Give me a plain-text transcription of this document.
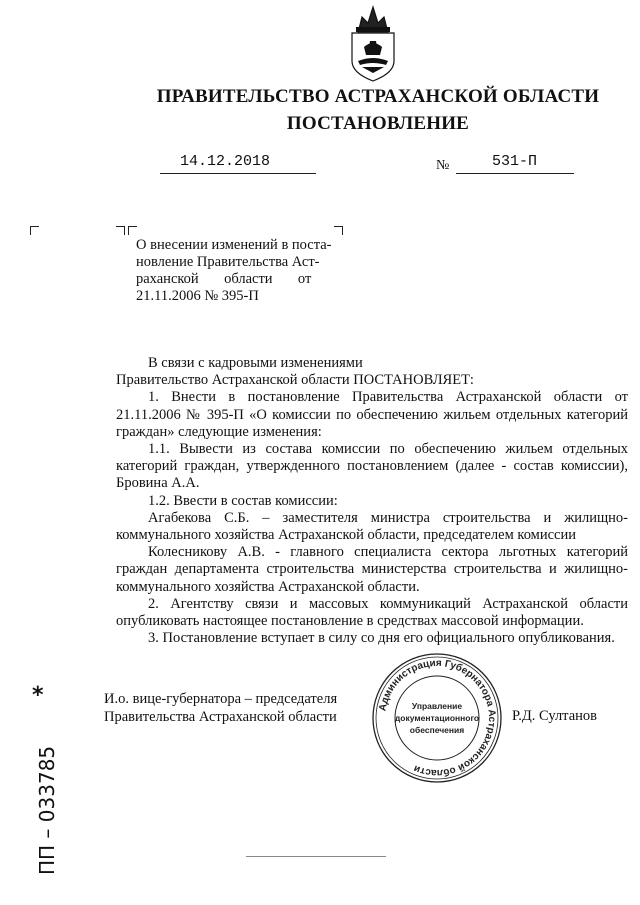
ПРАВИТЕЛЬСТВО АСТРАХАНСКОЙ ОБЛАСТИ
ПОСТАНОВЛЕНИЕ
14.12.2018	№	531-П
О внесении изменений в поста-
новление Правительства Аст-
раханской       области       от
21.11.2006 № 395-П

В связи с кадровыми изменениями

Правительство Астраханской области ПОСТАНОВЛЯЕТ:

1. Внести в постановление Правительства Астраханской области от 21.11.2006 № 395-П «О комиссии по обеспечению жильем отдельных категорий граждан» следующие изменения:

1.1. Вывести из состава комиссии по обеспечению жильем отдельных категорий граждан, утвержденного постановлением (далее - состав комиссии), Бровина А.А.

1.2. Ввести в состав комиссии:

Агабекова С.Б. – заместителя министра строительства и жилищно-коммунального хозяйства Астраханской области, председателем комиссии

Колесникову А.В. - главного специалиста сектора льготных категорий граждан департамента строительства министерства строительства и жилищно-коммунального хозяйства Астраханской области.

2. Агентству связи и массовых коммуникаций Астраханской области опубликовать настоящее постановление в средствах массовой информации.

3. Постановление вступает в силу со дня его официального опубликования.

И.о. вице-губернатора – председателя
Правительства Астраханской области	Р.Д. Султанов
Администрация Губернатора Астраханской области
Управление
документационного
обеспечения
*
ПП – 033785
